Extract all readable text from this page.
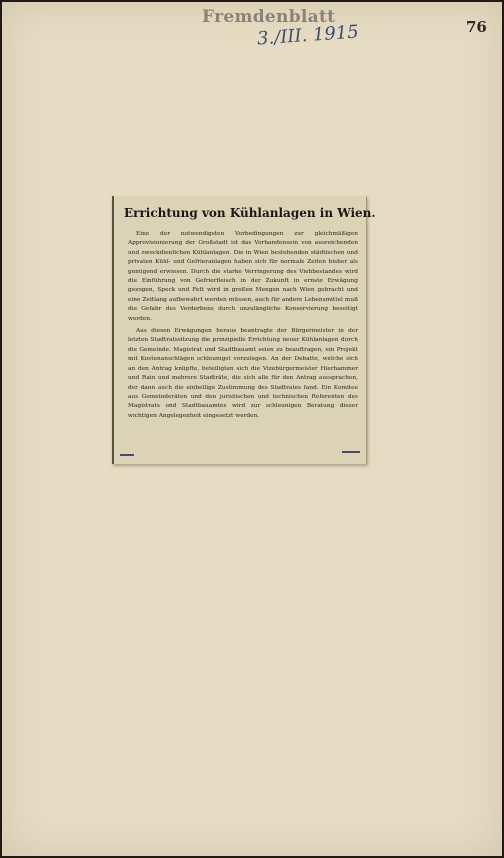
Fremdenblatt
3./III. 1915	76
Errichtung von Kühlanlagen in Wien.

Eine der notwendigsten Vorbedingungen zur gleichmäßigen Approvisionierung der Großstadt ist das Vorhandensein von ausreichenden und zweckdienlichen Kühlanlagen. Die in Wien bestehenden städtischen und privaten Kühl- und Gefrieranlagen haben sich für normale Zeiten bisher als genügend erwiesen. Durch die starke Verringerung des Viehbestandes wird die Einführung von Gefrierfleisch in der Zukunft in ernste Erwägung gezogen, Speck und Fett wird in großen Mengen nach Wien gebracht und eine Zeitlang aufbewahrt werden müssen, auch für andere Lebensmittel muß die Gefahr des Verderbens durch unzulängliche Konservierung beseitigt werden.

Aus diesen Erwägungen heraus beantragte der Bürgermeister in der letzten Stadtratssitzung die prinzipielle Errichtung neuer Kühlanlagen durch die Gemeinde. Magistrat und Stadtbauamt seien zu beauftragen, ein Projekt mit Kostenanschlägen schleunigst vorzulegen. An der Debatte, welche sich an den Antrag knüpfte, beteiligten sich die Vizebürgermeister Hierhammer und Rain und mehrere Stadträte, die sich alle für den Antrag aussprachen, der dann auch die einhellige Zustimmung des Stadtrates fand. Ein Komitee aus Gemeinderäten und den juristischen und technischen Referenten des Magistrats und Stadtbauamtes wird zur schleunigen Beratung dieser wichtigen Angelegenheit eingesetzt werden.
